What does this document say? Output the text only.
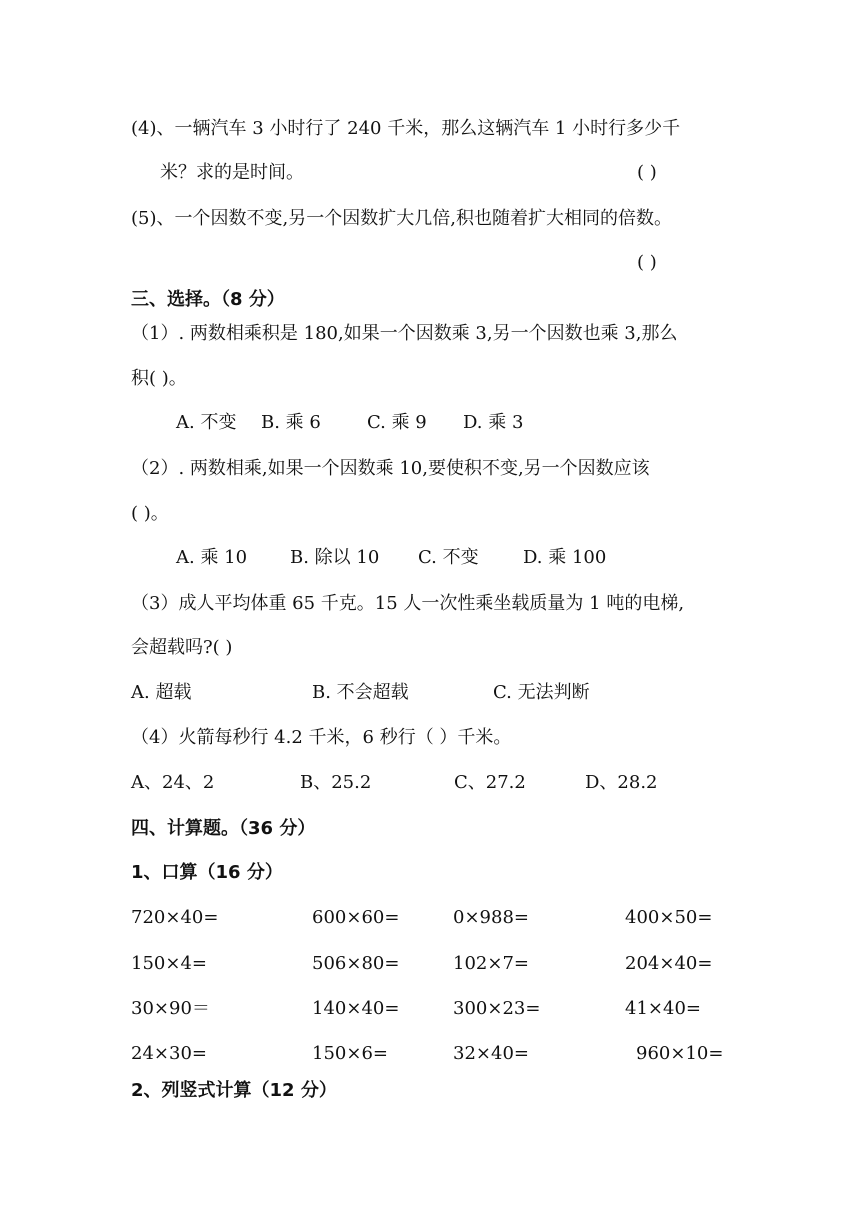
(4)、一辆汽车 3 小时行了 240 千米，那么这辆汽车 1 小时行多少千
米？求的是时间。	( )
(5)、一个因数不变,另一个因数扩大几倍,积也随着扩大相同的倍数。
( )
三、选择。（8 分）
（1）. 两数相乘积是 180,如果一个因数乘 3,另一个因数也乘 3,那么
积( )。
A. 不变 B. 乘 6	C. 乘 9 D. 乘 3
（2）. 两数相乘,如果一个因数乘 10,要使积不变,另一个因数应该
( )。
A. 乘 10 B. 除以 10 C. 不变 D. 乘 100
（3）成人平均体重 65 千克。15 人一次性乘坐载质量为 1 吨的电梯,
会超载吗?( )
A. 超载	B. 不会超载	C. 无法判断
（4）火箭每秒行 4.2 千米，6 秒行（ ）千米。
A、24、2	B、25.2	C、27.2	D、28.2
四、计算题。（36 分）
1、口算（16 分）
720×40=	600×60=	0×988=	400×50=
150×4=	506×80=	102×7=	204×40=
30×90＝	140×40=	300×23=	41×40=
24×30=	150×6=	32×40=	960×10=
2、列竖式计算（12 分）
